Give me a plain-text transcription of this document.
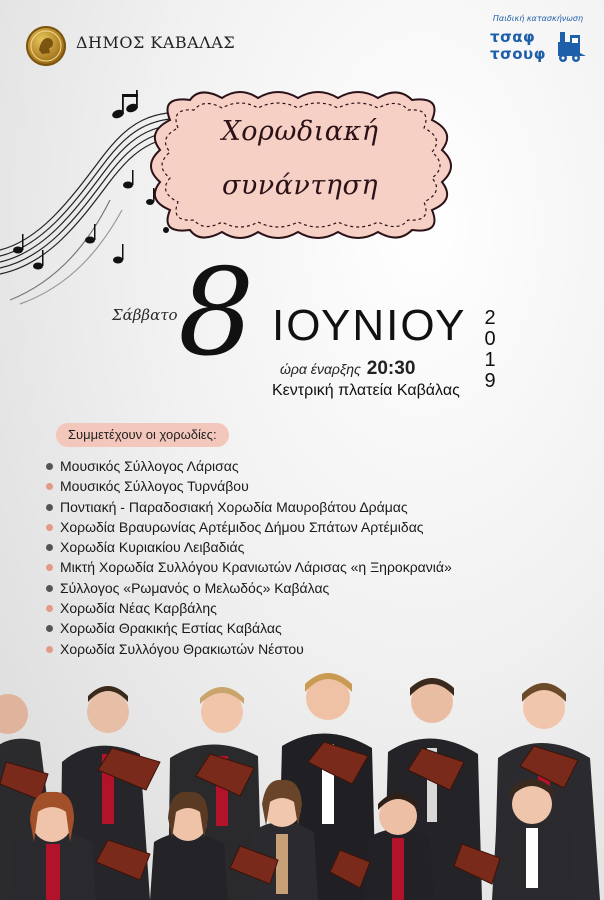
ΔΗΜΟΣ ΚΑΒΑΛΑΣ
Παιδική κατασκήνωση
τσαφ
τσουφ
Χορωδιακή
συνάντηση
Σάββατο 8 ΙΟΥΝΙΟΥ
ώρα έναρξης 20:30
Κεντρική πλατεία Καβάλας
2
0
1
9
Συμμετέχουν οι χορωδίες:
Μουσικός Σύλλογος Λάρισας
Μουσικός Σύλλογος Τυρνάβου
Ποντιακή - Παραδοσιακή Χορωδία Μαυροβάτου Δράμας
Χορωδία Βραυρωνίας Αρτέμιδος Δήμου Σπάτων Αρτέμιδας
Χορωδία Κυριακίου Λειβαδιάς
Μικτή Χορωδία Συλλόγου Κρανιωτών Λάρισας «η Ξηροκρανιά»
Σύλλογος «Ρωμανός ο Μελωδός» Καβάλας
Χορωδία Νέας Καρβάλης
Χορωδία Θρακικής Εστίας Καβάλας
Χορωδία Συλλόγου Θρακιωτών Νέστου
